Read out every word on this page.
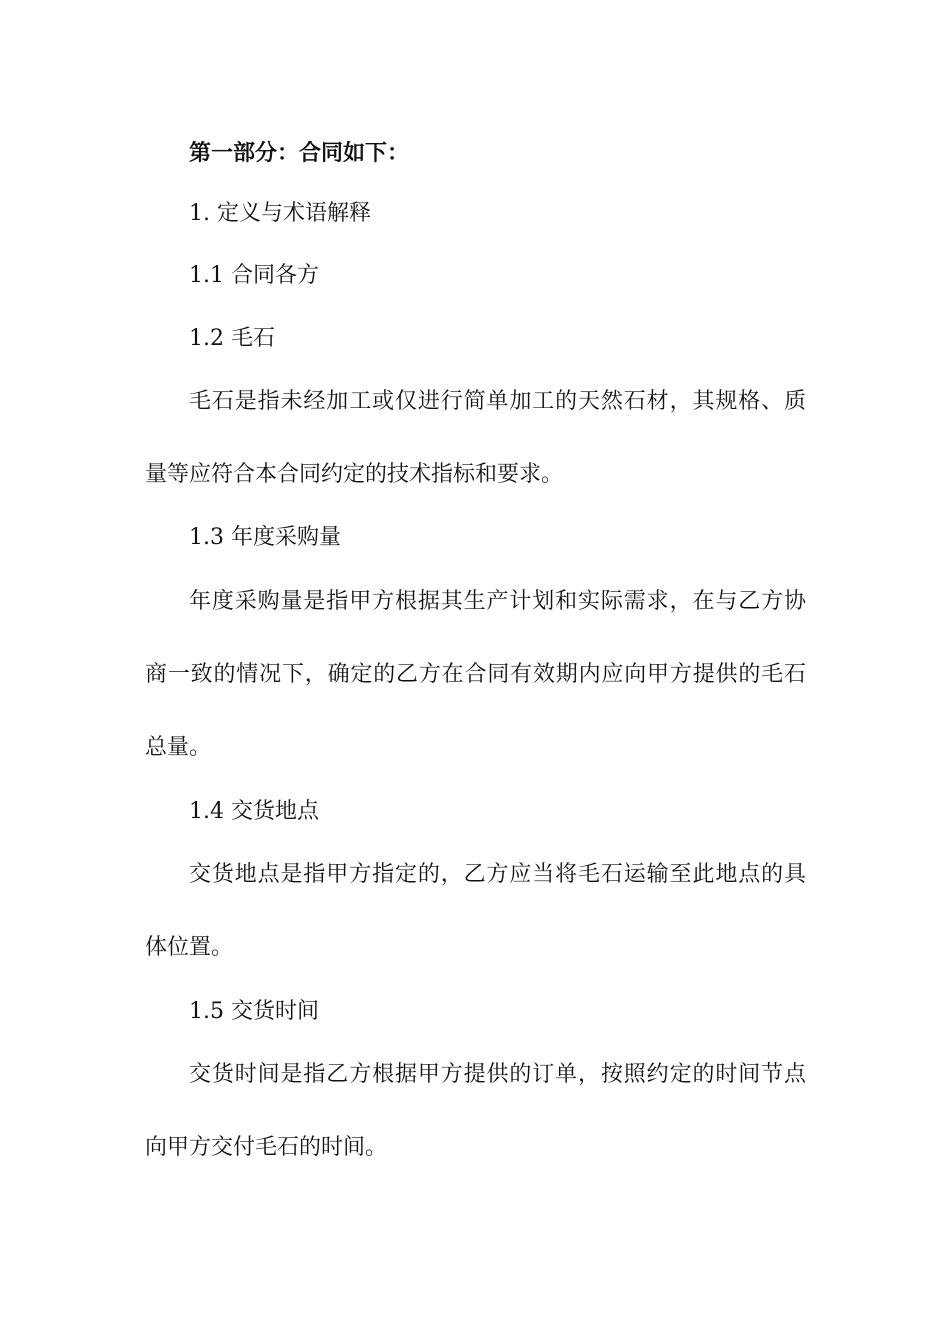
第一部分：合同如下：

1. 定义与术语解释

1.1 合同各方

1.2 毛石

毛石是指未经加工或仅进行简单加工的天然石材，其规格、质

量等应符合本合同约定的技术指标和要求。

1.3 年度采购量

年度采购量是指甲方根据其生产计划和实际需求，在与乙方协

商一致的情况下，确定的乙方在合同有效期内应向甲方提供的毛石

总量。

1.4 交货地点

交货地点是指甲方指定的，乙方应当将毛石运输至此地点的具

体位置。

1.5 交货时间

交货时间是指乙方根据甲方提供的订单，按照约定的时间节点

向甲方交付毛石的时间。
